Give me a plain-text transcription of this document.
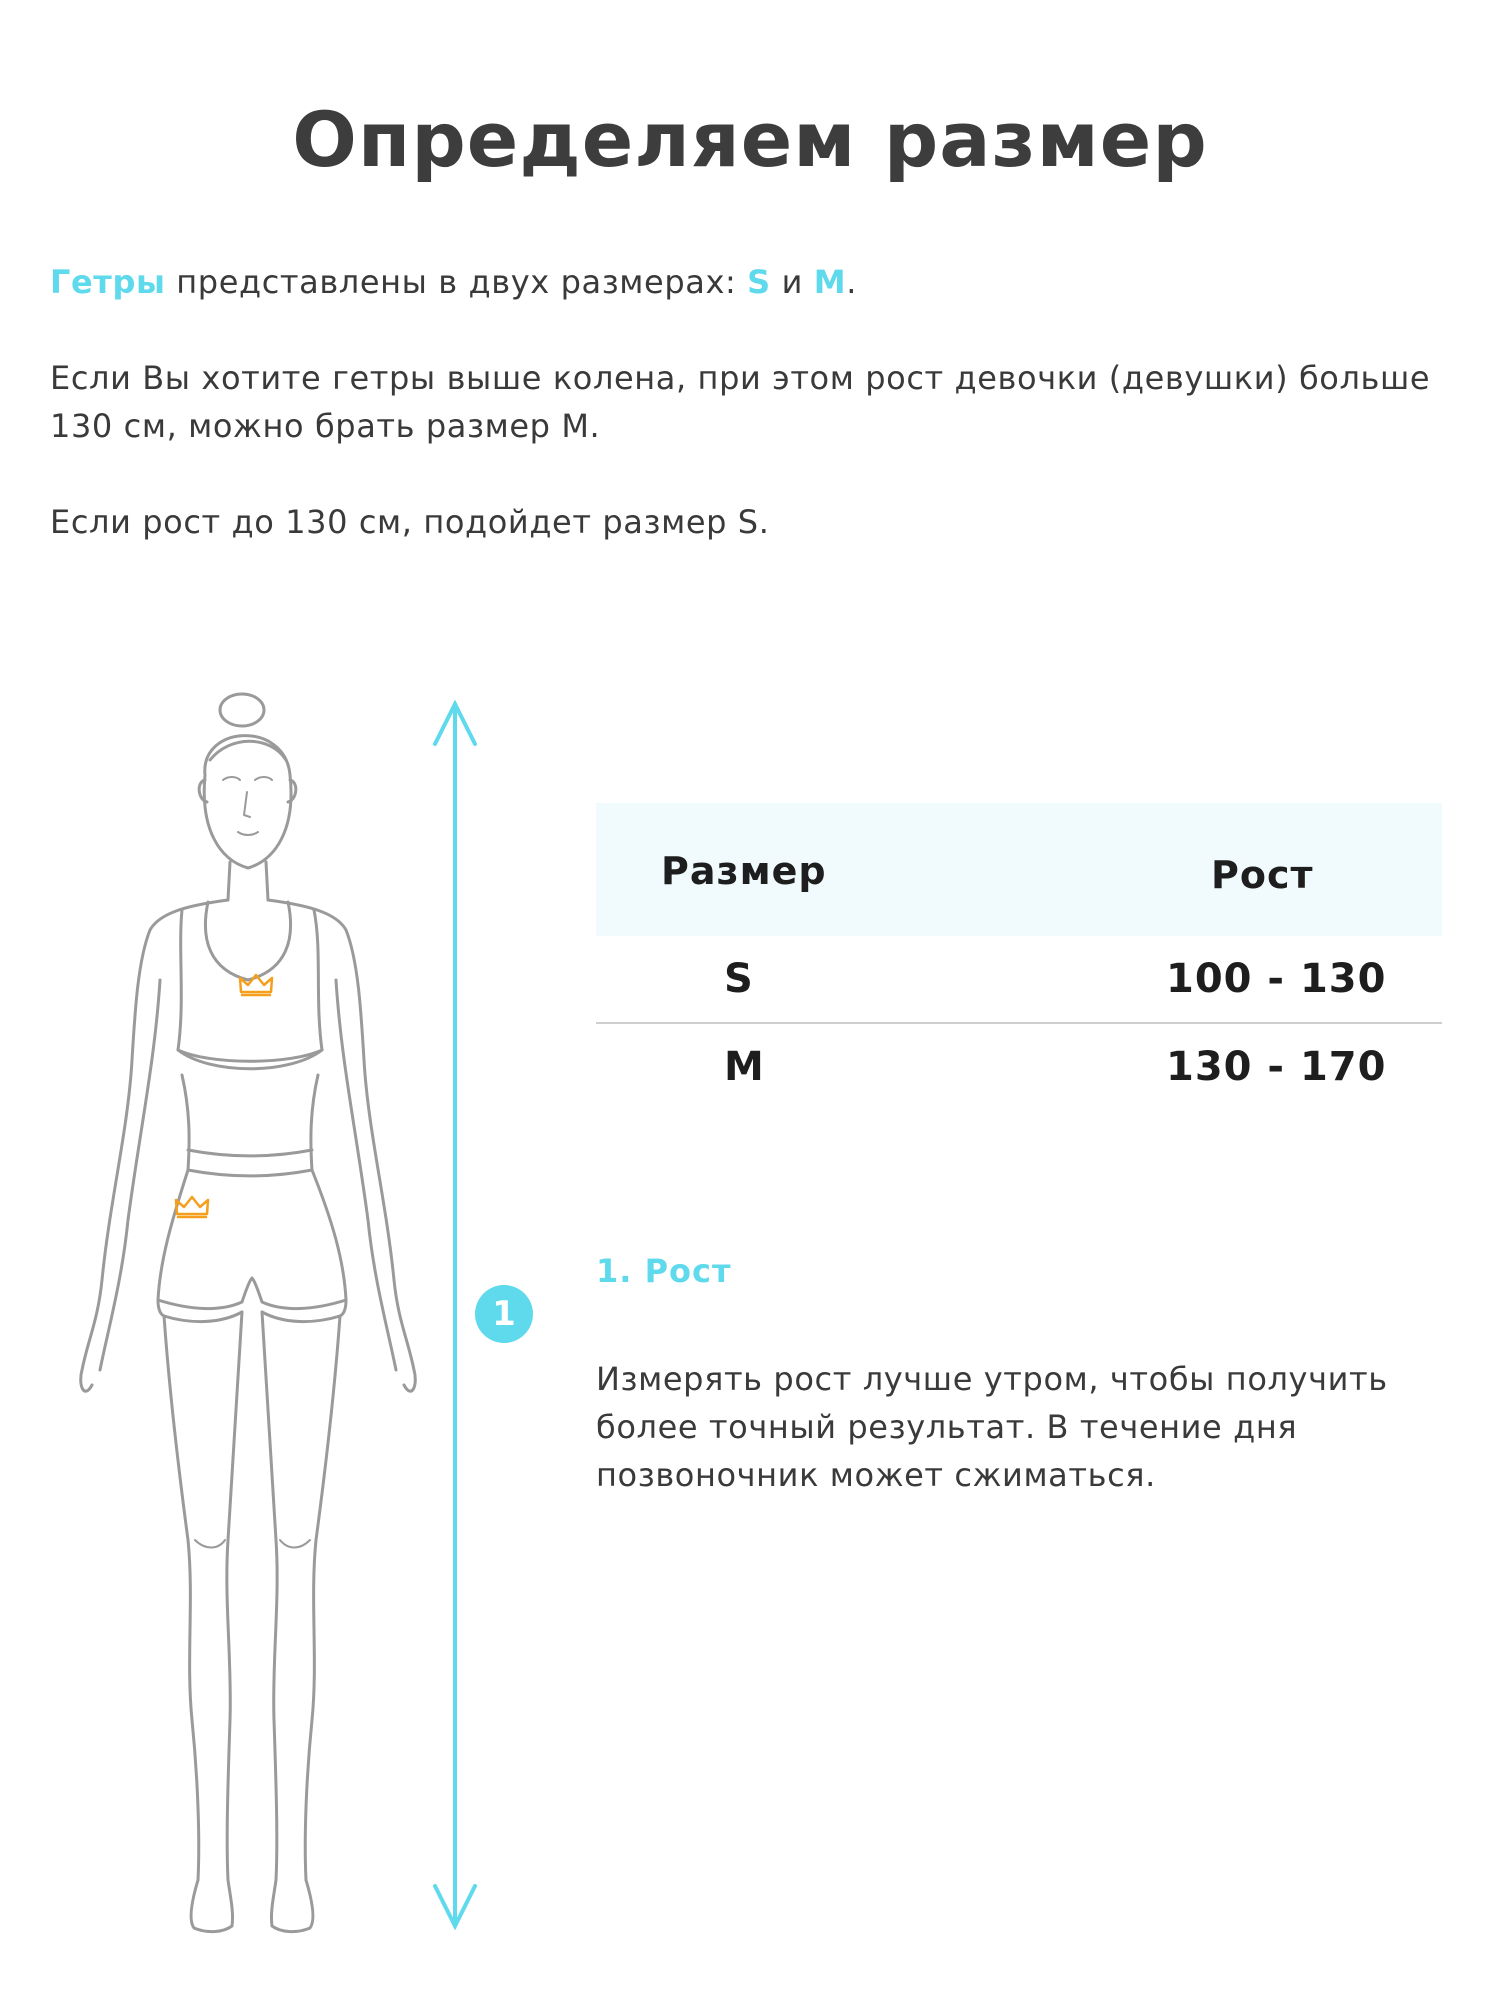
Определяем размер

Гетры представлены в двух размерах: S и M.

Если Вы хотите гетры выше колена, при этом рост девочки (девушки) больше 130 см, можно брать размер М.

Если рост до 130 см, подойдет размер S.

1
Размер	Рост
S	100 - 130
M	130 - 170
1. Рост
Измерять рост лучше утром, чтобы получить более точный результат. В течение дня позвоночник может сжиматься.
